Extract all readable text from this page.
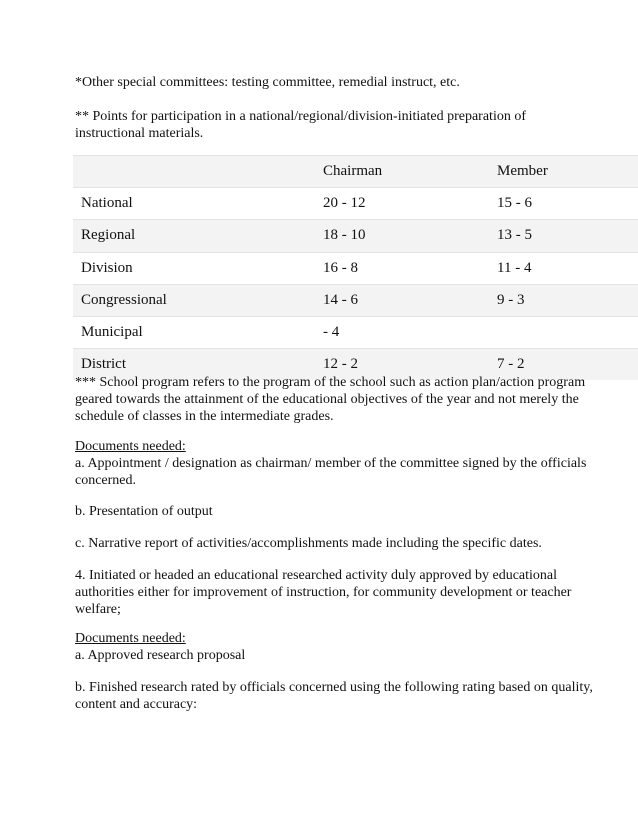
*Other special committees: testing committee, remedial instruct, etc.

** Points for participation in a national/regional/division-initiated preparation of instructional materials.

	Chairman	Member
National	20 - 12	15 - 6
Regional	18 - 10	13 - 5
Division	16 - 8	11 - 4
Congressional	14 - 6	9 - 3
Municipal	- 4	
District	12 - 2	7 - 2

*** School program refers to the program of the school such as action plan/action program geared towards the attainment of the educational objectives of the year and not merely the schedule of classes in the intermediate grades.

Documents needed:

a. Appointment / designation as chairman/ member of the committee signed by the officials concerned.

b. Presentation of output

c. Narrative report of activities/accomplishments made including the specific dates.

4. Initiated or headed an educational researched activity duly approved by educational authorities either for improvement of instruction, for community development or teacher welfare;

Documents needed:

a. Approved research proposal

b. Finished research rated by officials concerned using the following rating based on quality, content and accuracy:
